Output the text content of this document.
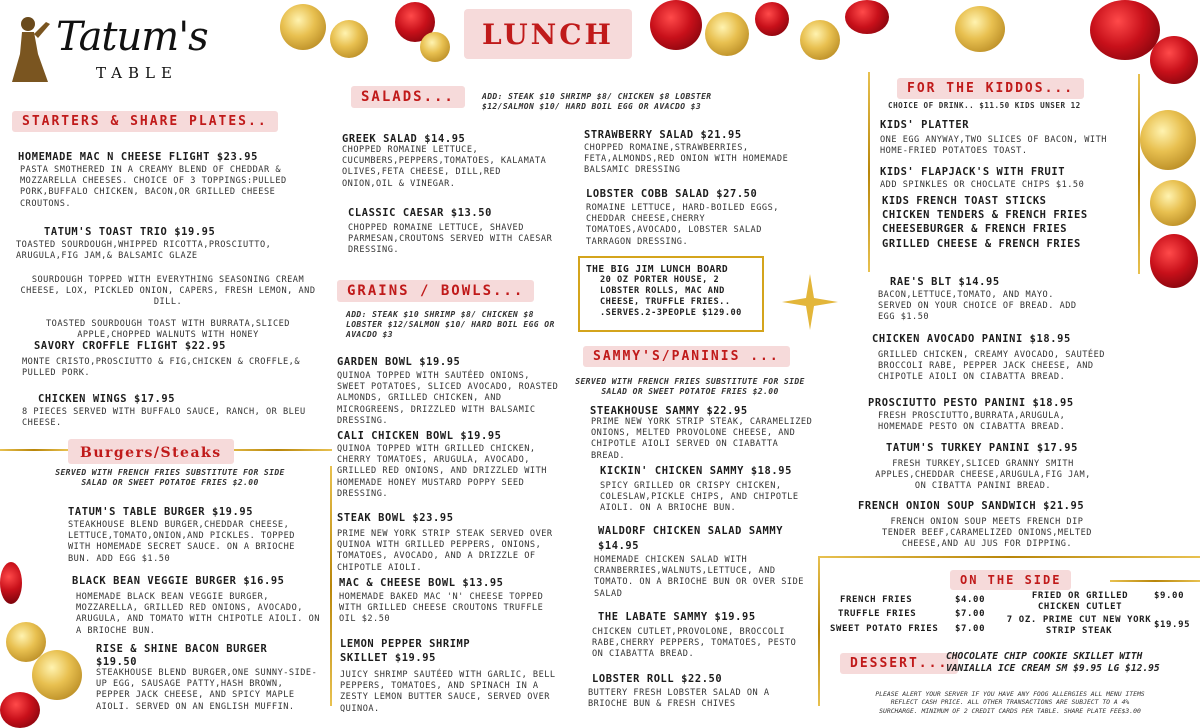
Tatum's
TABLE
LUNCH
STARTERS & SHARE PLATES..
HOMEMADE MAC N CHEESE FLIGHT $23.95
PASTA SMOTHERED IN A CREAMY BLEND OF CHEDDAR & MOZZARELLA CHEESES. CHOICE OF 3 TOPPINGS:PULLED PORK,BUFFALO CHICKEN, BACON,OR GRILLED CHEESE CROUTONS.
TATUM'S TOAST TRIO $19.95
TOASTED SOURDOUGH,WHIPPED RICOTTA,PROSCIUTTO, ARUGULA,FIG JAM,& BALSAMIC GLAZE
SOURDOUGH TOPPED WITH EVERYTHING SEASONING CREAM CHEESE, LOX, PICKLED ONION, CAPERS, FRESH LEMON, AND DILL.
TOASTED SOURDOUGH TOAST WITH BURRATA,SLICED APPLE,CHOPPED WALNUTS WITH HONEY
SAVORY CROFFLE FLIGHT $22.95
MONTE CRISTO,PROSCIUTTO & FIG,CHICKEN & CROFFLE,& PULLED PORK.
CHICKEN WINGS $17.95
8 PIECES SERVED WITH BUFFALO SAUCE, RANCH, OR BLEU CHEESE.
Burgers/Steaks
SERVED WITH FRENCH FRIES SUBSTITUTE FOR SIDE SALAD OR SWEET POTATOE FRIES $2.00
TATUM'S TABLE BURGER $19.95
STEAKHOUSE BLEND BURGER,CHEDDAR CHEESE, LETTUCE,TOMATO,ONION,AND PICKLES. TOPPED WITH HOMEMADE SECRET SAUCE. ON A BRIOCHE BUN. ADD EGG $1.50
BLACK BEAN VEGGIE BURGER $16.95
HOMEMADE BLACK BEAN VEGGIE BURGER, MOZZARELLA, GRILLED RED ONIONS, AVOCADO, ARUGULA, AND TOMATO WITH CHIPOTLE AIOLI. ON A BRIOCHE BUN.
RISE & SHINE BACON BURGER
$19.50
STEAKHOUSE BLEND BURGER,ONE SUNNY-SIDE-UP EGG, SAUSAGE PATTY,HASH BROWN, PEPPER JACK CHEESE, AND SPICY MAPLE AIOLI. SERVED ON AN ENGLISH MUFFIN.
SALADS...	ADD: STEAK $10 SHRIMP $8/ CHICKEN $8 LOBSTER $12/SALMON $10/ HARD BOIL EGG OR AVACDO $3
GREEK SALAD $14.95
CHOPPED ROMAINE LETTUCE, CUCUMBERS,PEPPERS,TOMATOES, KALAMATA OLIVES,FETA CHEESE, DILL,RED ONION,OIL & VINEGAR.
CLASSIC CAESAR $13.50
CHOPPED ROMAINE LETTUCE, SHAVED PARMESAN,CROUTONS SERVED WITH CAESAR DRESSING.
GRAINS / BOWLS...
ADD: STEAK $10 SHRIMP $8/ CHICKEN $8 LOBSTER $12/SALMON $10/ HARD BOIL EGG OR AVACDO $3
GARDEN BOWL $19.95
QUINOA TOPPED WITH SAUTÉED ONIONS, SWEET POTATOES, SLICED AVOCADO, ROASTED ALMONDS, GRILLED CHICKEN, AND MICROGREENS, DRIZZLED WITH BALSAMIC DRESSING.
CALI CHICKEN BOWL $19.95
QUINOA TOPPED WITH GRILLED CHICKEN, CHERRY TOMATOES, ARUGULA, AVOCADO, GRILLED RED ONIONS, AND DRIZZLED WITH HOMEMADE HONEY MUSTARD POPPY SEED DRESSING.
STEAK BOWL $23.95
PRIME NEW YORK STRIP STEAK SERVED OVER QUINOA WITH GRILLED PEPPERS, ONIONS, TOMATOES, AVOCADO, AND A DRIZZLE OF CHIPOTLE AIOLI.
MAC & CHEESE BOWL $13.95
HOMEMADE BAKED MAC 'N' CHEESE TOPPED WITH GRILLED CHEESE CROUTONS TRUFFLE OIL $2.50
LEMON PEPPER SHRIMP SKILLET $19.95
JUICY SHRIMP SAUTÉED WITH GARLIC, BELL PEPPERS, TOMATOES, AND SPINACH IN A ZESTY LEMON BUTTER SAUCE, SERVED OVER QUINOA.
STRAWBERRY SALAD $21.95
CHOPPED ROMAINE,STRAWBERRIES, FETA,ALMONDS,RED ONION WITH HOMEMADE BALSAMIC DRESSING
LOBSTER COBB SALAD $27.50
ROMAINE LETTUCE, HARD-BOILED EGGS, CHEDDAR CHEESE,CHERRY TOMATOES,AVOCADO, LOBSTER SALAD TARRAGON DRESSING.
THE BIG JIM LUNCH BOARD
20 OZ PORTER HOUSE, 2 LOBSTER ROLLS, MAC AND CHEESE, TRUFFLE FRIES.. .SERVES.2-3PEOPLE $129.00
SAMMY'S/PANINIS ...
SERVED WITH FRENCH FRIES SUBSTITUTE FOR SIDE SALAD OR SWEET POTATOE FRIES $2.00
STEAKHOUSE SAMMY $22.95
PRIME NEW YORK STRIP STEAK, CARAMELIZED ONIONS, MELTED PROVOLONE CHEESE, AND CHIPOTLE AIOLI SERVED ON CIABATTA BREAD.
KICKIN' CHICKEN SAMMY $18.95
SPICY GRILLED OR CRISPY CHICKEN, COLESLAW,PICKLE CHIPS, AND CHIPOTLE AIOLI. ON A BRIOCHE BUN.
WALDORF CHICKEN SALAD SAMMY $14.95
HOMEMADE CHICKEN SALAD WITH CRANBERRIES,WALNUTS,LETTUCE, AND TOMATO. ON A BRIOCHE BUN OR OVER SIDE SALAD
THE LABATE SAMMY $19.95
CHICKEN CUTLET,PROVOLONE, BROCCOLI RABE,CHERRY PEPPERS, TOMATOES, PESTO ON CIABATTA BREAD.
LOBSTER ROLL $22.50
BUTTERY FRESH LOBSTER SALAD ON A BRIOCHE BUN & FRESH CHIVES
FOR THE KIDDOS...
CHOICE OF DRINK.. $11.50 KIDS UNSER 12
KIDS' PLATTER
ONE EGG ANYWAY,TWO SLICES OF BACON, WITH HOME-FRIED POTATOES TOAST.
KIDS' FLAPJACK'S WITH FRUIT
ADD SPINKLES OR CHOCLATE CHIPS $1.50
KIDS FRENCH TOAST STICKS
CHICKEN TENDERS & FRENCH FRIES
CHEESEBURGER & FRENCH FRIES
GRILLED CHEESE & FRENCH FRIES
RAE'S BLT $14.95
BACON,LETTUCE,TOMATO, AND MAYO. SERVED ON YOUR CHOICE OF BREAD. ADD EGG $1.50
CHICKEN AVOCADO PANINI $18.95
GRILLED CHICKEN, CREAMY AVOCADO, SAUTÉED BROCCOLI RABE, PEPPER JACK CHEESE, AND CHIPOTLE AIOLI ON CIABATTA BREAD.
PROSCIUTTO PESTO PANINI $18.95
FRESH PROSCIUTTO,BURRATA,ARUGULA, HOMEMADE PESTO ON CIABATTA BREAD.
TATUM'S TURKEY PANINI $17.95
FRESH TURKEY,SLICED GRANNY SMITH APPLES,CHEDDAR CHEESE,ARUGULA,FIG JAM, ON CIBATTA PANINI BREAD.
FRENCH ONION SOUP SANDWICH $21.95
FRENCH ONION SOUP MEETS FRENCH DIP TENDER BEEF,CARAMELIZED ONIONS,MELTED CHEESE,AND AU JUS FOR DIPPING.
ON THE SIDE
FRENCH FRIES	$4.00
TRUFFLE FRIES	$7.00
SWEET POTATO FRIES $7.00
FRIED OR GRILLED CHICKEN CUTLET
$9.00
7 OZ. PRIME CUT NEW YORK STRIP STEAK
$19.95
DESSERT...
CHOCOLATE CHIP COOKIE SKILLET WITH VANIALLA ICE CREAM SM $9.95 LG $12.95
PLEASE ALERT YOUR SERVER IF YOU HAVE ANY FOOG ALLERGIES ALL MENU ITEMS REFLECT CASH PRICE. ALL OTHER TRANSACTIONS ARE SUBJECT TO A 4% SURCHARGE. MINIMUM OF 2 CREDIT CARDS PER TABLE. SHARE PLATE FEE$3.00
